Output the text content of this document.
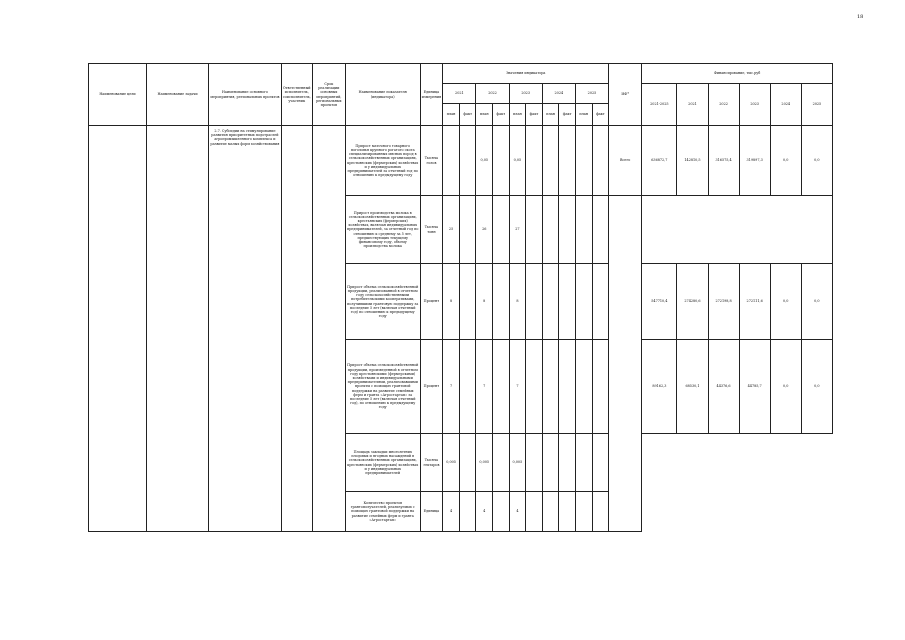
18
Наименование цели	Наименование задачи	Наименование основного мероприятия, региональных проектов	Ответственный исполнитель, соисполнитель, участник	Срок реализации основных мероприятий, региональных проектов	Наименование показателя (индикатора)	Единица измерения	Значения индикатора										ИФ*	Финансирование, тыс.руб					
							2021		2022		2023		2024		2025			2021-2025	2021	2022	2023	2024	2025
							план	факт	план	факт	план	факт	план	факт	план	факт							
		2.7. Субсидии на стимулирование развития приоритетных подотраслей агропромышленного комплекса и развитие малых форм хозяйствования			Прирост маточного товарного поголовья крупного рогатого скота специализированных мясных пород в сельскохозяйственных организациях, крестьянских (фермерских) хозяйствах и у индивидуальных предпринимателей за отчетный год по отношению к предыдущему году	Тысяча голов			0,05		0,05						Всего	636872,7	142810,5	316575,4	319897,3	0,0	0,0
					Прирост производства молока в сельскохозяйственных организациях, крестьянских (фермерских) хозяйствах, включая индивидуальных предпринимателей, за отчетный год по отношению к среднему за 5 лет, предшествующих текущему финансовому году, объему производства молока	Тысяча тонн	25		26		27												
					Прирост объема сельскохозяйственной продукции, реализованной в отчетном году сельскохозяйственными потребительскими кооперативами, получившими грантовую поддержку за последние 5 лет (включая отчетный год) по отношению к предыдущему году	Процент	8		8		8							547710,4	274280,6	272198,8	272111,6	0,0	0,0
					Прирост объема сельскохозяйственной продукции, произведенной в отчетном году крестьянскими (фермерскими) хозяйствами и индивидуальными предпринимателями, реализовавшими проекты с помощью грантовой поддержки на развитие семейных ферм и гранта «Агростартап» за последние 5 лет (включая отчетный год), по отношению к предыдущему году	Процент	7		7		7							89162,3	68530,1	44376,6	44785,7	0,0	0,0
					Площадь закладки многолетних плодовых и ягодных насаждений в сельскохозяйственных организациях, крестьянских (фермерских) хозяйствах и у индивидуальных предпринимателей	Тысяча гектаров	0,005		0,005		0,005												
					Количество проектов грантополучателей, реализуемых с помощью грантовой поддержки на развитие семейных ферм и гранта «Агростартап»	Единица	4		4		4												
